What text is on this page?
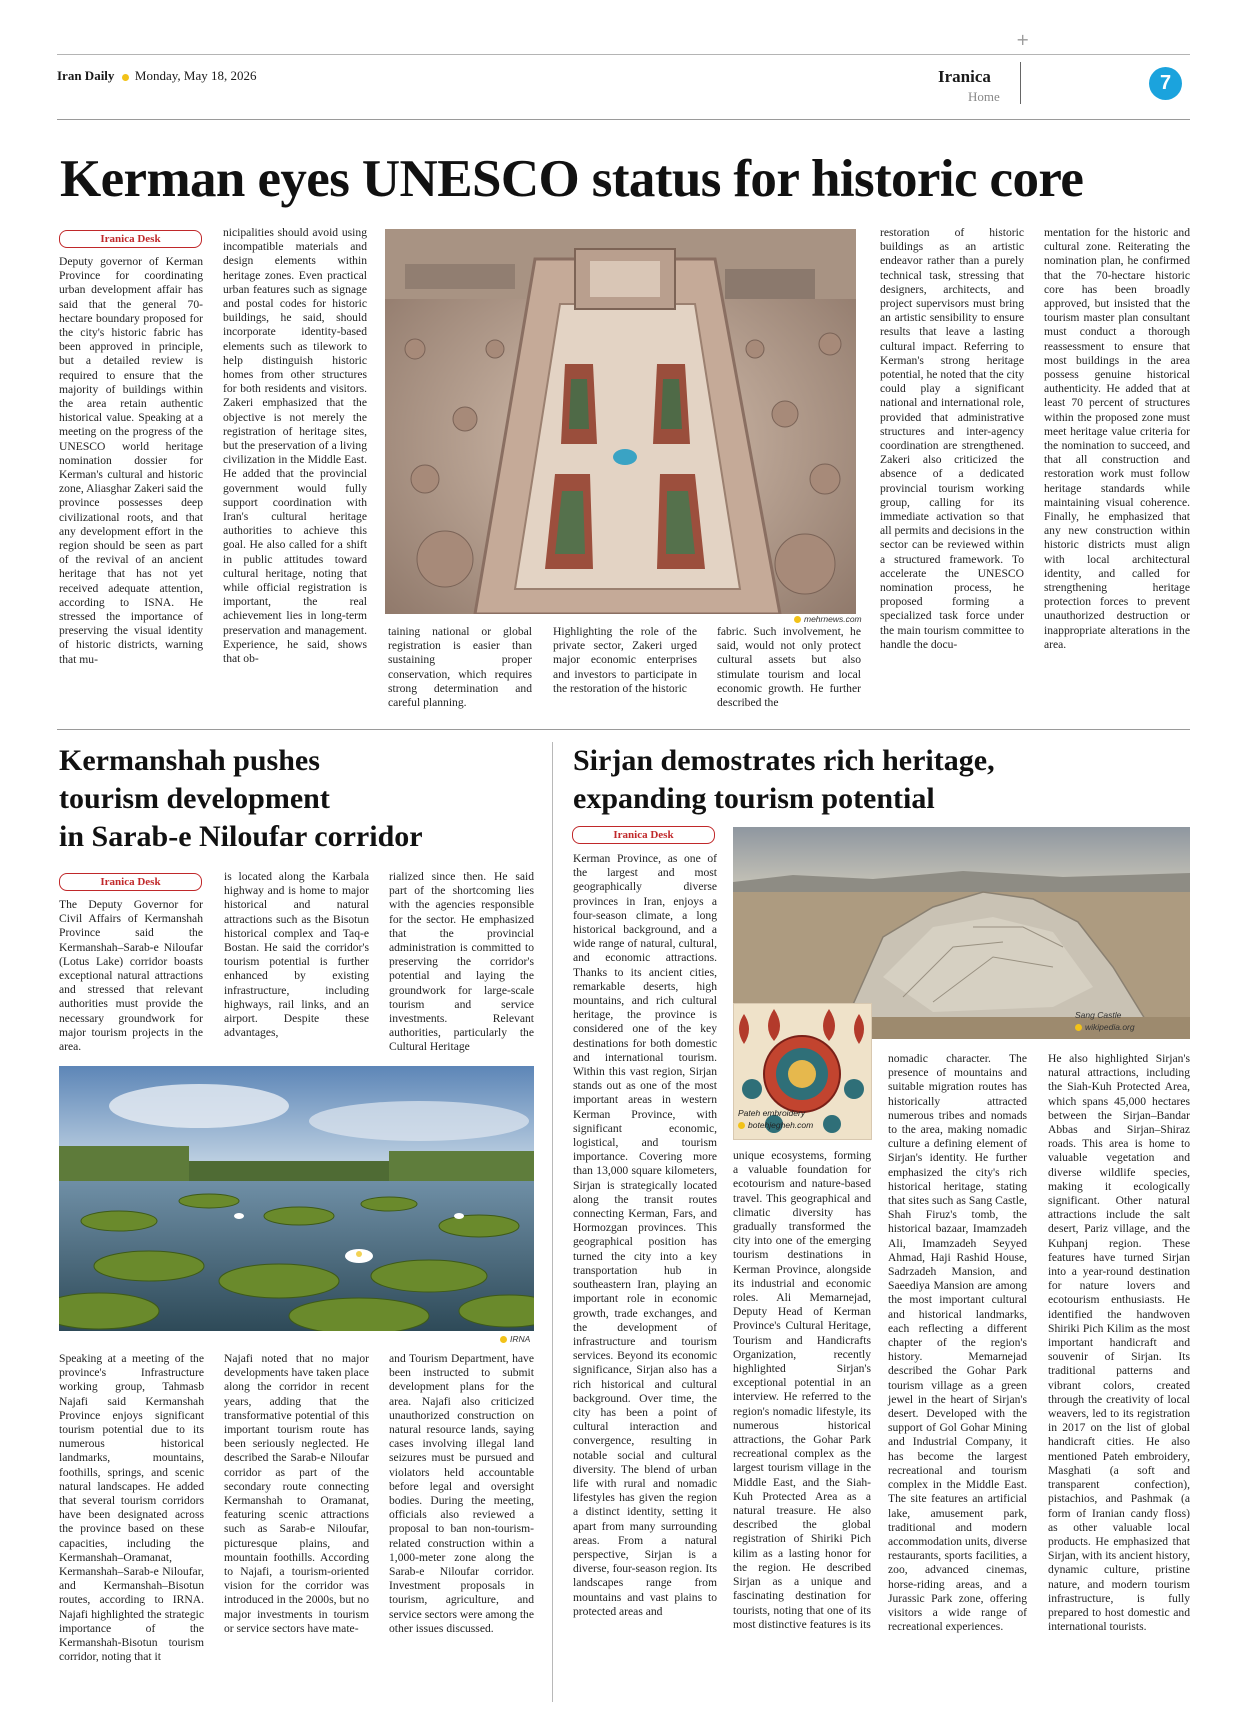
+
Iran Daily Monday, May 18, 2026	Iranica
Home
7
Kerman eyes UNESCO status for historic core
Iranica Desk
Deputy governor of Kerman Province for coordinating urban development affair has said that the general 70-hectare boundary proposed for the city's historic fabric has been approved in principle, but a detailed review is required to ensure that the majority of buildings within the area retain authentic historical value. Speaking at a meeting on the progress of the UNESCO world heritage nomination dossier for Kerman's cultural and historic zone, Aliasghar Zakeri said the province possesses deep civilizational roots, and that any development effort in the region should be seen as part of the revival of an ancient heritage that has not yet received adequate attention, according to ISNA. He stressed the importance of preserving the visual identity of historic districts, warning that mu-
nicipalities should avoid using incompatible materials and design elements within heritage zones. Even practical urban features such as signage and postal codes for historic buildings, he said, should incorporate identity-based elements such as tilework to help distinguish historic homes from other structures for both residents and visitors. Zakeri emphasized that the objective is not merely the registration of heritage sites, but the preservation of a living civilization in the Middle East. He added that the provincial government would fully support coordination with Iran's cultural heritage authorities to achieve this goal. He also called for a shift in public attitudes toward cultural heritage, noting that while official registration is important, the real achievement lies in long-term preservation and management. Experience, he said, shows that ob-
mehrnews.com
taining national or global registration is easier than sustaining proper conservation, which requires strong determination and careful planning.
Highlighting the role of the private sector, Zakeri urged major economic enterprises and investors to participate in the restoration of the historic
fabric. Such involvement, he said, would not only protect cultural assets but also stimulate tourism and local economic growth. He further described the
restoration of historic buildings as an artistic endeavor rather than a purely technical task, stressing that designers, architects, and project supervisors must bring an artistic sensibility to ensure results that leave a lasting cultural impact. Referring to Kerman's strong heritage potential, he noted that the city could play a significant national and international role, provided that administrative structures and inter-agency coordination are strengthened. Zakeri also criticized the absence of a dedicated provincial tourism working group, calling for its immediate activation so that all permits and decisions in the sector can be reviewed within a structured framework. To accelerate the UNESCO nomination process, he proposed forming a specialized task force under the main tourism committee to handle the docu-
mentation for the historic and cultural zone. Reiterating the nomination plan, he confirmed that the 70-hectare historic core has been broadly approved, but insisted that the tourism master plan consultant must conduct a thorough reassessment to ensure that most buildings in the area possess genuine historical authenticity. He added that at least 70 percent of structures within the proposed zone must meet heritage value criteria for the nomination to succeed, and that all construction and restoration work must follow heritage standards while maintaining visual coherence. Finally, he emphasized that any new construction within historic districts must align with local architectural identity, and called for strengthening heritage protection forces to prevent unauthorized destruction or inappropriate alterations in the area.
Kermanshah pushes
tourism development
in Sarab-e Niloufar corridor
Iranica Desk
The Deputy Governor for Civil Affairs of Kermanshah Province said the Kermanshah–Sarab-e Niloufar (Lotus Lake) corridor boasts exceptional natural attractions and stressed that relevant authorities must provide the necessary groundwork for major tourism projects in the area.
is located along the Karbala highway and is home to major historical and natural attractions such as the Bisotun historical complex and Taq-e Bostan. He said the corridor's tourism potential is further enhanced by existing infrastructure, including highways, rail links, and an airport. Despite these advantages,
rialized since then. He said part of the shortcoming lies with the agencies responsible for the sector. He emphasized that the provincial administration is committed to preserving the corridor's potential and laying the groundwork for large-scale tourism and service investments. Relevant authorities, particularly the Cultural Heritage
IRNA
Speaking at a meeting of the province's Infrastructure working group, Tahmasb Najafi said Kermanshah Province enjoys significant tourism potential due to its numerous historical landmarks, mountains, foothills, springs, and scenic natural landscapes. He added that several tourism corridors have been designated across the province based on these capacities, including the Kermanshah–Oramanat, Kermanshah–Sarab-e Niloufar, and Kermanshah–Bisotun routes, according to IRNA. Najafi highlighted the strategic importance of the Kermanshah-Bisotun tourism corridor, noting that it
Najafi noted that no major developments have taken place along the corridor in recent years, adding that the transformative potential of this important tourism route has been seriously neglected. He described the Sarab-e Niloufar corridor as part of the secondary route connecting Kermanshah to Oramanat, featuring scenic attractions such as Sarab-e Niloufar, picturesque plains, and mountain foothills. According to Najafi, a tourism-oriented vision for the corridor was introduced in the 2000s, but no major investments in tourism or service sectors have mate-
and Tourism Department, have been instructed to submit development plans for the area. Najafi also criticized unauthorized construction on natural resource lands, saying cases involving illegal land seizures must be pursued and violators held accountable before legal and oversight bodies. During the meeting, officials also reviewed a proposal to ban non-tourism-related construction within a 1,000-meter zone along the Sarab-e Niloufar corridor. Investment proposals in tourism, agriculture, and service sectors were among the other issues discussed.
Sirjan demostrates rich heritage,
expanding tourism potential
Iranica Desk
Sang Castle
wikipedia.org
Pateh embroidery
botehjegheh.com
Kerman Province, as one of the largest and most geographically diverse provinces in Iran, enjoys a four-season climate, a long historical background, and a wide range of natural, cultural, and economic attractions. Thanks to its ancient cities, remarkable deserts, high mountains, and rich cultural heritage, the province is considered one of the key destinations for both domestic and international tourism. Within this vast region, Sirjan stands out as one of the most important areas in western Kerman Province, with significant economic, logistical, and tourism importance. Covering more than 13,000 square kilometers, Sirjan is strategically located along the transit routes connecting Kerman, Fars, and Hormozgan provinces. This geographical position has turned the city into a key transportation hub in southeastern Iran, playing an important role in economic growth, trade exchanges, and the development of infrastructure and tourism services. Beyond its economic significance, Sirjan also has a rich historical and cultural background. Over time, the city has been a point of cultural interaction and convergence, resulting in notable social and cultural diversity. The blend of urban life with rural and nomadic lifestyles has given the region a distinct identity, setting it apart from many surrounding areas. From a natural perspective, Sirjan is a diverse, four-season region. Its landscapes range from mountains and vast plains to protected areas and
unique ecosystems, forming a valuable foundation for ecotourism and nature-based travel. This geographical and climatic diversity has gradually transformed the city into one of the emerging tourism destinations in Kerman Province, alongside its industrial and economic roles. Ali Memarnejad, Deputy Head of Kerman Province's Cultural Heritage, Tourism and Handicrafts Organization, recently highlighted Sirjan's exceptional potential in an interview. He referred to the region's nomadic lifestyle, its numerous historical attractions, the Gohar Park recreational complex as the largest tourism village in the Middle East, and the Siah-Kuh Protected Area as a natural treasure. He also described the global registration of Shiriki Pich kilim as a lasting honor for the region. He described Sirjan as a unique and fascinating destination for tourists, noting that one of its most distinctive features is its
nomadic character. The presence of mountains and suitable migration routes has historically attracted numerous tribes and nomads to the area, making nomadic culture a defining element of Sirjan's identity. He further emphasized the city's rich historical heritage, stating that sites such as Sang Castle, Shah Firuz's tomb, the historical bazaar, Imamzadeh Ali, Imamzadeh Seyyed Ahmad, Haji Rashid House, Sadrzadeh Mansion, and Saeediya Mansion are among the most important cultural and historical landmarks, each reflecting a different chapter of the region's history. Memarnejad described the Gohar Park tourism village as a green jewel in the heart of Sirjan's desert. Developed with the support of Gol Gohar Mining and Industrial Company, it has become the largest recreational and tourism complex in the Middle East. The site features an artificial lake, amusement park, traditional and modern accommodation units, diverse restaurants, sports facilities, a zoo, advanced cinemas, horse-riding areas, and a Jurassic Park zone, offering visitors a wide range of recreational experiences.
He also highlighted Sirjan's natural attractions, including the Siah-Kuh Protected Area, which spans 45,000 hectares between the Sirjan–Bandar Abbas and Sirjan–Shiraz roads. This area is home to valuable vegetation and diverse wildlife species, making it ecologically significant. Other natural attractions include the salt desert, Pariz village, and the Kuhpanj region. These features have turned Sirjan into a year-round destination for nature lovers and ecotourism enthusiasts. He identified the handwoven Shiriki Pich Kilim as the most important handicraft and souvenir of Sirjan. Its traditional patterns and vibrant colors, created through the creativity of local weavers, led to its registration in 2017 on the list of global handicraft cities. He also mentioned Pateh embroidery, Masghati (a soft and transparent confection), pistachios, and Pashmak (a form of Iranian candy floss) as other valuable local products. He emphasized that Sirjan, with its ancient history, dynamic culture, pristine nature, and modern tourism infrastructure, is fully prepared to host domestic and international tourists.
